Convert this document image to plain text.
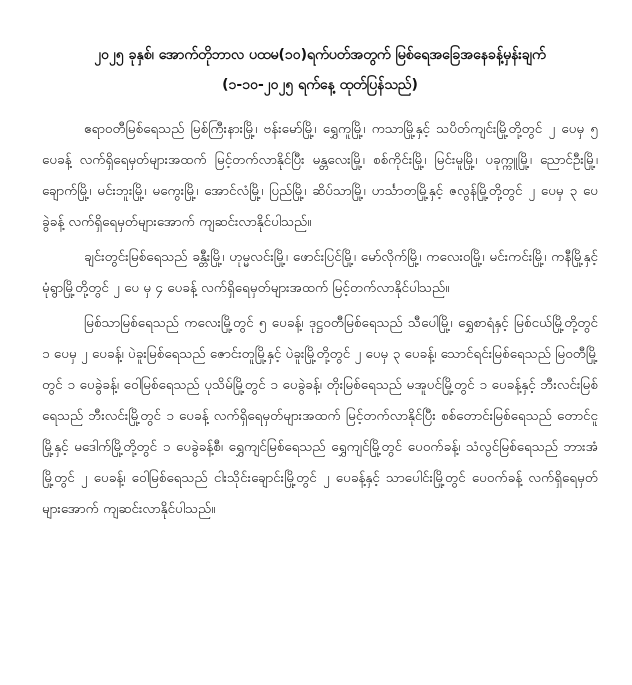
၂၀၂၅ ခုနှစ်၊ အောက်တိုဘာလ ပထမ(၁၀)ရက်ပတ်အတွက် မြစ်ရေအခြေအနေခန့်မှန်းချက်
(၁-၁၀-၂၀၂၅ ရက်နေ့ ထုတ်ပြန်သည်)

ဧရာဝတီမြစ်ရေသည် မြစ်ကြီးနားမြို့၊ ဗန်းမော်မြို့၊ ရွှေကူမြို့၊ ကသာမြို့နှင့် သပိတ်ကျင်းမြို့တို့တွင် ၂ ပေမှ ၅ ပေခန့် လက်ရှိရေမှတ်များအထက် မြင့်တက်လာနိုင်ပြီး မန္တလေးမြို့၊ စစ်ကိုင်းမြို့၊ မြင်းမူမြို့၊ ပခုက္ကူမြို့၊ ညောင်ဦးမြို့၊ ချောက်မြို့၊ မင်းဘူးမြို့၊ မကွေးမြို့၊ အောင်လံမြို့၊ ပြည်မြို့၊ ဆိပ်သာမြို့၊ ဟင်္သာတမြို့နှင့် ဇလွန်မြို့တို့တွင် ၂ ပေမှ ၃ ပေခွဲခန့် လက်ရှိရေမှတ်များအောက် ကျဆင်းလာနိုင်ပါသည်။

ချင်းတွင်းမြစ်ရေသည် ခန္တီးမြို့၊ ဟုမ္မလင်းမြို့၊ ဖောင်းပြင်မြို့၊ မော်လိုက်မြို့၊ ကလေးဝမြို့၊ မင်းကင်းမြို့၊ ကနီမြို့နှင့် မုံရွာမြို့တို့တွင် ၂ ပေ မှ ၄ ပေခန့် လက်ရှိရေမှတ်များအထက် မြင့်တက်လာနိုင်ပါသည်။

မြစ်သာမြစ်ရေသည် ကလေးမြို့တွင် ၅ ပေခန့်၊ ဒုဋ္ဌဝတီမြစ်ရေသည် သီပေါမြို့၊ ရွှေစာရံနှင့် မြစ်ငယ်မြို့တို့တွင် ၁ ပေမှ ၂ ပေခန့်၊ ပဲခူးမြစ်ရေသည် ဇောင်းတူမြို့နှင့် ပဲခူးမြို့တို့တွင် ၂ ပေမှ ၃ ပေခန့်၊ သောင်ရင်းမြစ်ရေသည် မြဝတီမြို့တွင် ၁ ပေခွဲခန့်၊ ဝေါမြစ်ရေသည် ပုသိမ်မြို့တွင် ၁ ပေခွဲခန့်၊ တိုးမြစ်ရေသည် မအူပင်မြို့တွင် ၁ ပေခန့်နှင့် ဘီးလင်းမြစ်ရေသည် ဘီးလင်းမြို့တွင် ၁ ပေခန့် လက်ရှိရေမှတ်များအထက် မြင့်တက်လာနိုင်ပြီး စစ်တောင်းမြစ်ရေသည် တောင်ငူမြို့နှင့် မဒေါက်မြို့တို့တွင် ၁ ပေခွဲခန့်စီ၊ ရွှေကျင်မြစ်ရေသည် ရွှေကျင်မြို့တွင် ပေဝက်ခန့်၊ သံလွင်မြစ်ရေသည် ဘားအံမြို့တွင် ၂ ပေခန့်၊ ဝေါမြစ်ရေသည် ငါးသိုင်းချောင်းမြို့တွင် ၂ ပေခန့်နှင့် သာပေါင်းမြို့တွင် ပေဝက်ခန့် လက်ရှိရေမှတ်များအောက် ကျဆင်းလာနိုင်ပါသည်။
